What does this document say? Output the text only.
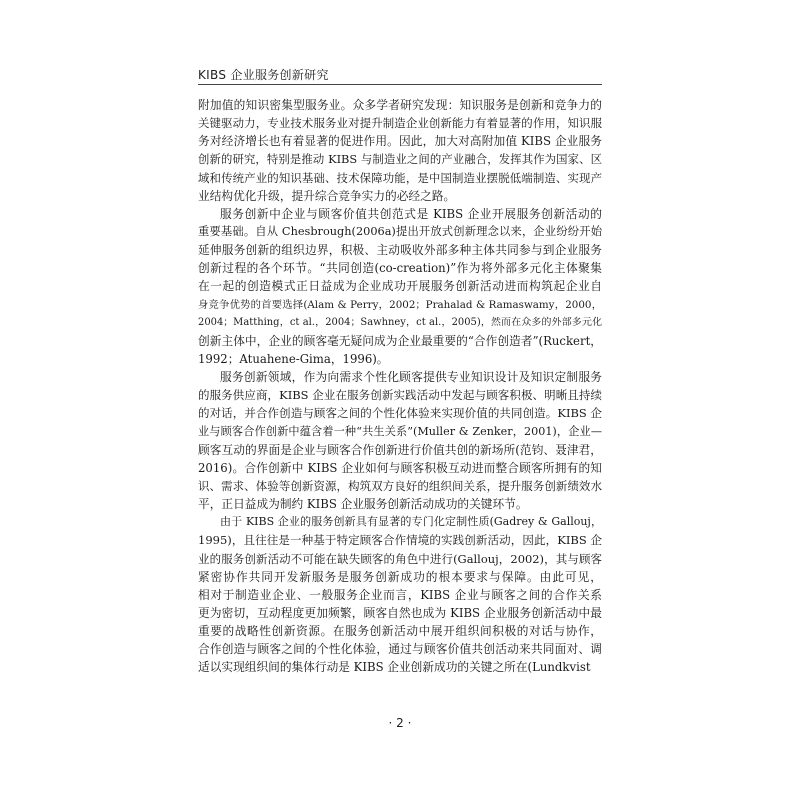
KIBS 企业服务创新研究
附加值的知识密集型服务业。众多学者研究发现：知识服务是创新和竞争力的
关键驱动力，专业技术服务业对提升制造企业创新能力有着显著的作用，知识服
务对经济增长也有着显著的促进作用。因此，加大对高附加值 KIBS 企业服务
创新的研究，特别是推动 KIBS 与制造业之间的产业融合，发挥其作为国家、区
域和传统产业的知识基础、技术保障功能，是中国制造业摆脱低端制造、实现产
业结构优化升级，提升综合竞争实力的必经之路。
服务创新中企业与顾客价值共创范式是 KIBS 企业开展服务创新活动的
重要基础。自从 Chesbrough(2006a)提出开放式创新理念以来，企业纷纷开始
延伸服务创新的组织边界，积极、主动吸收外部多种主体共同参与到企业服务
创新过程的各个环节。“共同创造(co-creation)”作为将外部多元化主体聚集
在一起的创造模式正日益成为企业成功开展服务创新活动进而构筑起企业自
身竞争优势的首要选择(Alam & Perry，2002；Prahalad & Ramaswamy，2000，
2004；Matthing，ct al.，2004；Sawhney，ct al.，2005)，然而在众多的外部多元化
创新主体中，企业的顾客毫无疑问成为企业最重要的“合作创造者”(Ruckert，
1992；Atuahene-Gima，1996)。
服务创新领域，作为向需求个性化顾客提供专业知识设计及知识定制服务
的服务供应商，KIBS 企业在服务创新实践活动中发起与顾客积极、明晰且持续
的对话，并合作创造与顾客之间的个性化体验来实现价值的共同创造。KIBS 企
业与顾客合作创新中蕴含着一种“共生关系”(Muller & Zenker，2001)，企业—
顾客互动的界面是企业与顾客合作创新进行价值共创的新场所(范钧、聂津君，
2016)。合作创新中 KIBS 企业如何与顾客积极互动进而整合顾客所拥有的知
识、需求、体验等创新资源，构筑双方良好的组织间关系，提升服务创新绩效水
平，正日益成为制约 KIBS 企业服务创新活动成功的关键环节。
由于 KIBS 企业的服务创新具有显著的专门化定制性质(Gadrey & Gallouj，
1995)，且往往是一种基于特定顾客合作情境的实践创新活动，因此，KIBS 企
业的服务创新活动不可能在缺失顾客的角色中进行(Gallouj，2002)，其与顾客
紧密协作共同开发新服务是服务创新成功的根本要求与保障。由此可见，
相对于制造业企业、一般服务企业而言，KIBS 企业与顾客之间的合作关系
更为密切，互动程度更加频繁，顾客自然也成为 KIBS 企业服务创新活动中最
重要的战略性创新资源。在服务创新活动中展开组织间积极的对话与协作，
合作创造与顾客之间的个性化体验，通过与顾客价值共创活动来共同面对、调
适以实现组织间的集体行动是 KIBS 企业创新成功的关键之所在(Lundkvist
· 2 ·
